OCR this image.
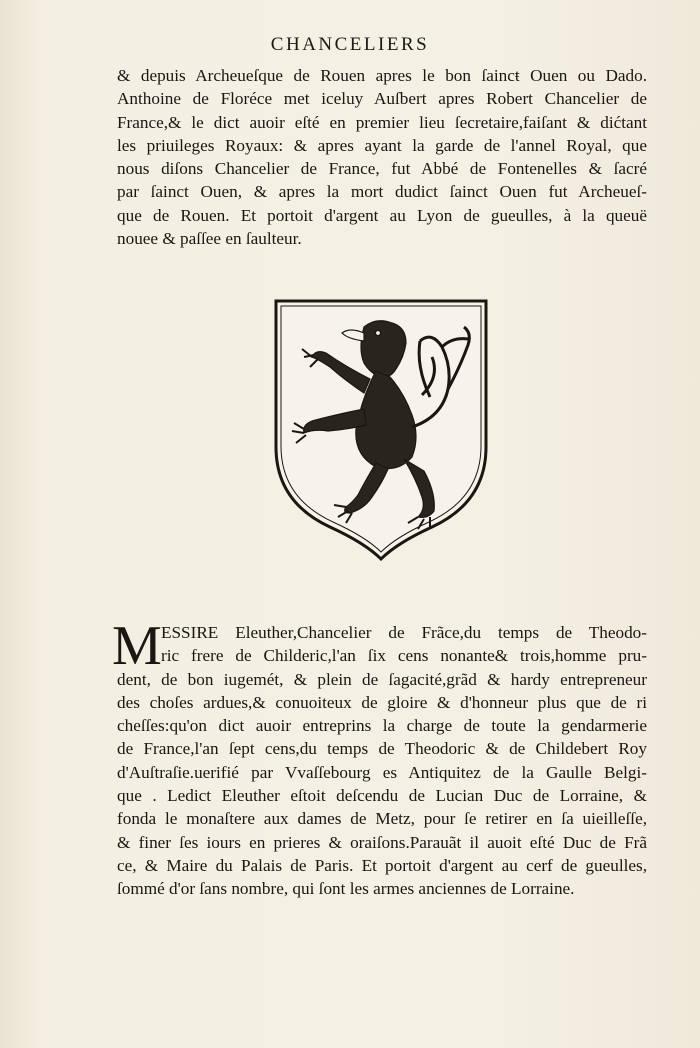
CHANCELIERS
& depuis Archeueſque de Rouen apres le bon ſaincŧ Ouen ou Dado.
Anthoine de Floréce met iceluy Auſbert apres Robert Chancelier de
France,& le dict auoir eſté en premier lieu ſecretaire,faiſant & dićtant
les priuileges Royaux: & apres ayant la garde de l'annel Royal, que
nous diſons Chancelier de France, fut Abbé de Fontenelles & ſacré
par ſainct Ouen, & apres la mort dudict ſainct Ouen fut Archeueſ-
que de Rouen. Et portoit d'argent au Lyon de gueulles, à la queuë
nouee & paſſee en ſaulteur.
M ESSIRE Eleuther,Chancelier de Frãce,du temps de Theodo-
ric frere de Childeric,l'an ſix cens nonante& trois,homme pru-
dent, de bon iugemét, & plein de ſagacité,grãd & hardy entrepreneur
des choſes ardues,& conuoiteux de gloire & d'honneur plus que de ri
cheſſes:qu'on dict auoir entreprins la charge de toute la gendarmerie
de France,l'an ſept cens,du temps de Theodoric & de Childebert Roy
d'Auſtraſie.uerifié par Vvaſſebourg es Antiquitez de la Gaulle Belgi-
que . Ledict Eleuther eſtoit deſcendu de Lucian Duc de Lorraine, &
fonda le monaſtere aux dames de Metz, pour ſe retirer en ſa uieilleſſe,
& finer ſes iours en prieres & oraiſons.Parauãt il auoit eſté Duc de Frã
ce, & Maire du Palais de Paris. Et portoit d'argent au cerf de gueulles,
ſommé d'or ſans nombre, qui ſont les armes anciennes de Lorraine.
